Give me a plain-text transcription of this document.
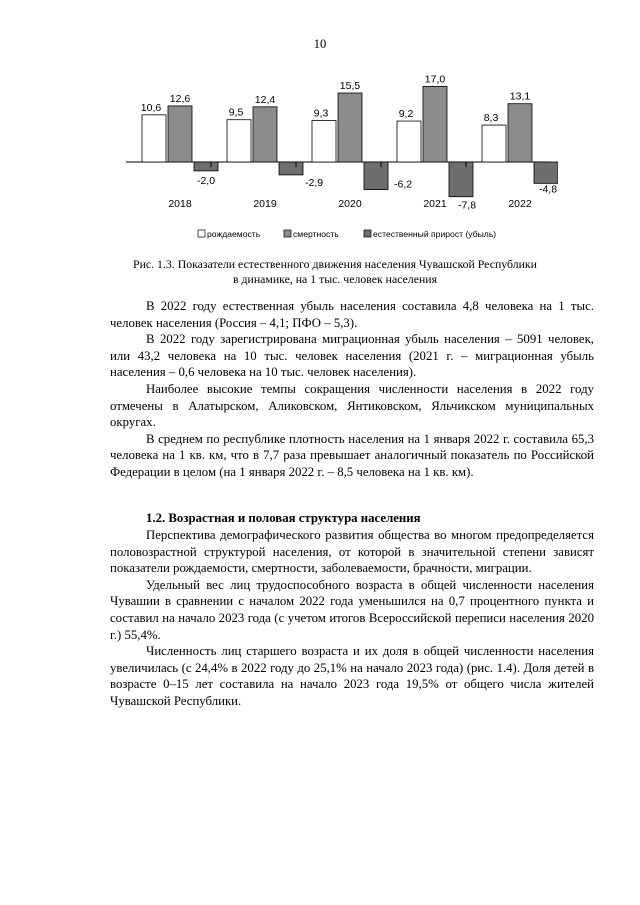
10
10,6
12,6
-2,0
2018
9,5
12,4
-2,9
2019
9,3
15,5
-6,2
2020
9,2
17,0
-7,8
2021
8,3
13,1
-4,8
2022
рождаемость	смертность	естественный прирост (убыль)
Рис. 1.3. Показатели естественного движения населения Чувашской Республики
в динамике, на 1 тыс. человек населения

В 2022 году естественная убыль населения составила 4,8 человека на 1 тыс. человек населения (Россия – 4,1; ПФО – 5,3).

В 2022 году зарегистрирована миграционная убыль населения – 5091 человек, или 43,2 человека на 10 тыс. человек населения (2021 г. – миграционная убыль населения – 0,6 человека на 10 тыс. человек населения).

Наиболее высокие темпы сокращения численности населения в 2022 году отмечены в Алатырском, Аликовском, Янтиковском, Яльчикском муниципальных округах.

В среднем по республике плотность населения на 1 января 2022 г. составила 65,3 человека на 1 кв. км, что в 7,7 раза превышает аналогичный показатель по Российской Федерации в целом (на 1 января 2022 г. – 8,5 человека на 1 кв. км).

1.2. Возрастная и половая структура населения

Перспектива демографического развития общества во многом предопределяется половозрастной структурой населения, от которой в значительной степени зависят показатели рождаемости, смертности, заболеваемости, брачности, миграции.

Удельный вес лиц трудоспособного возраста в общей численности населения Чувашии в сравнении с началом 2022 года уменьшился на 0,7 процентного пункта и составил на начало 2023 года (с учетом итогов Всероссийской переписи населения 2020 г.) 55,4%.

Численность лиц старшего возраста и их доля в общей численности населения увеличилась (с 24,4% в 2022 году до 25,1% на начало 2023 года) (рис. 1.4). Доля детей в возрасте 0–15 лет составила на начало 2023 года 19,5% от общего числа жителей Чувашской Республики.
